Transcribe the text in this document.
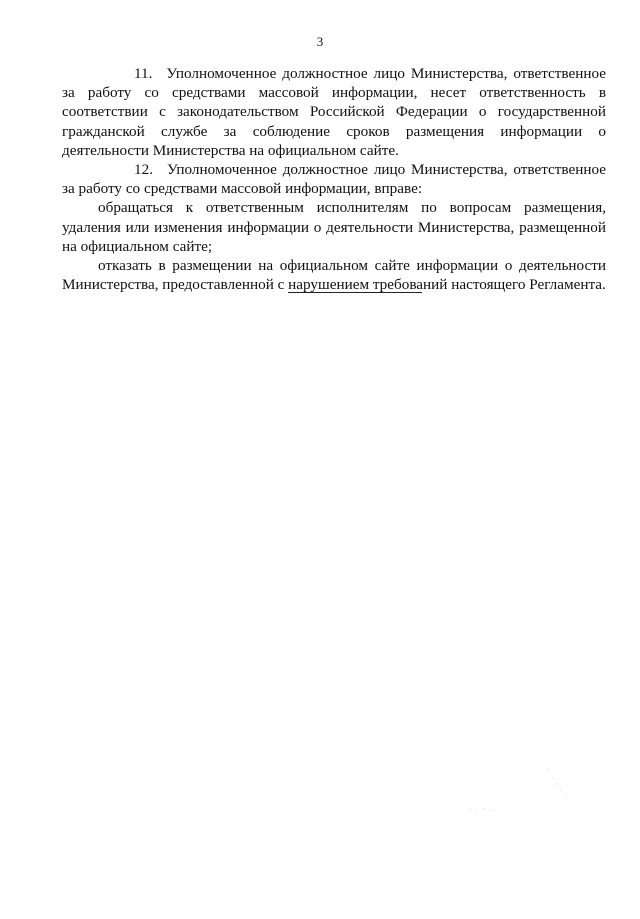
3

11. Уполномоченное должностное лицо Министерства, ответственное за работу со средствами массовой информации, несет ответственность в соответствии с законодательством Российской Федерации о государственной гражданской службе за соблюдение сроков размещения информации о деятельности Министерства на официальном сайте.

12. Уполномоченное должностное лицо Министерства, ответственное за работу со средствами массовой информации, вправе:

обращаться к ответственным исполнителям по вопросам размещения, удаления или изменения информации о деятельности Министерства, размещенной на официальном сайте;

отказать в размещении на официальном сайте информации о деятельности Министерства, предоставленной с нарушением требований настоящего Регламента.
